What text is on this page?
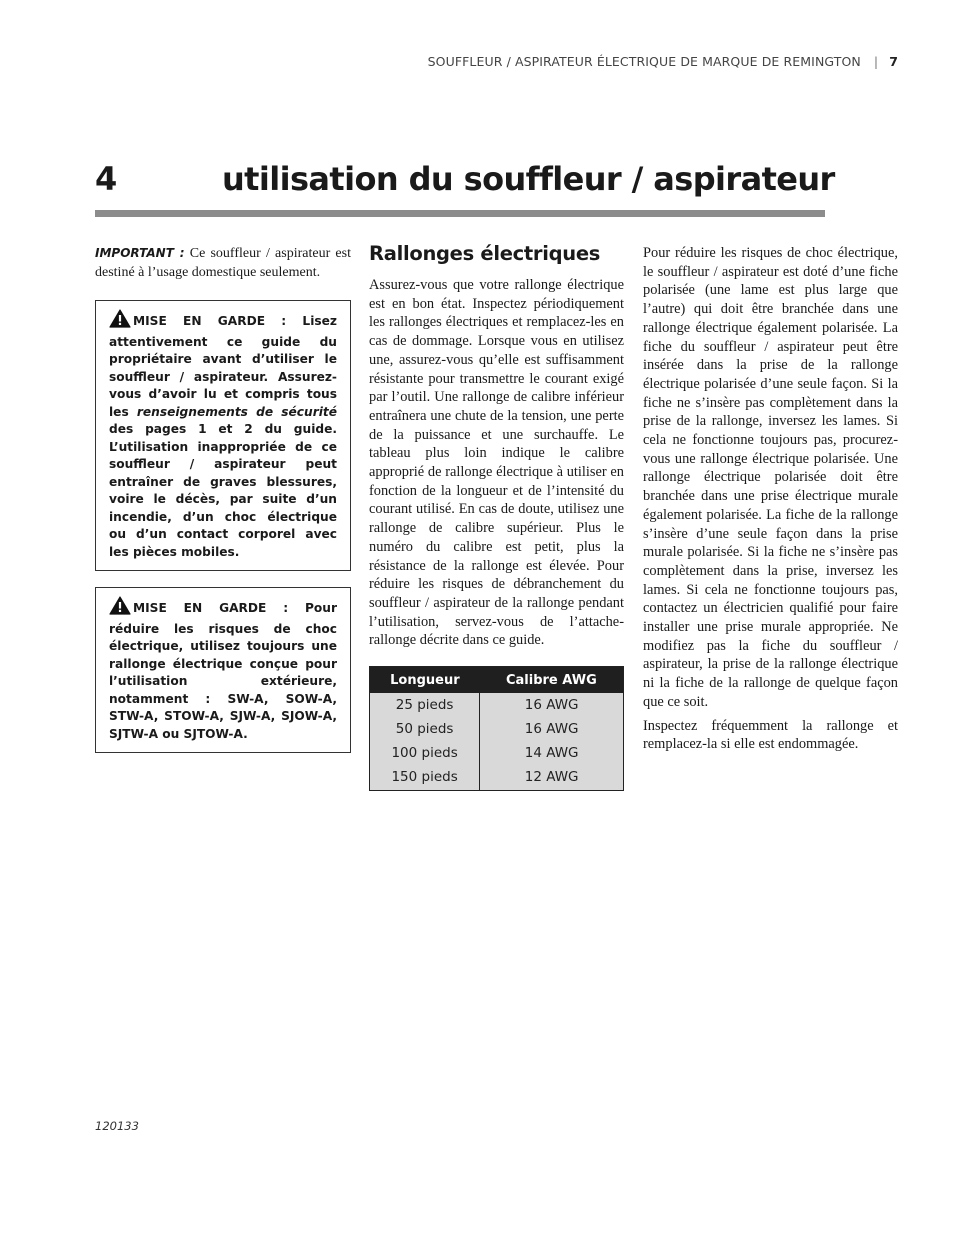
SOUFFLEUR / ASPIRATEUR ÉLECTRIQUE DE MARQUE DE REMINGTON | 7
4	utilisation du souffleur / aspirateur

IMPORTANT : Ce souffleur / aspirateur est destiné à l’usage domestique seulement.

MISE EN GARDE : Lisez attentivement ce guide du propriétaire avant d’utiliser le souffleur / aspirateur. Assurez-vous d’avoir lu et compris tous les renseignements de sécurité des pages 1 et 2 du guide. L’utilisation inappropriée de ce souffleur / aspirateur peut entraîner de graves blessures, voire le décès, par suite d’un incendie, d’un choc électrique ou d’un contact corporel avec les pièces mobiles.
MISE EN GARDE : Pour réduire les risques de choc électrique, utilisez toujours une rallonge électrique conçue pour l’utilisation extérieure, notamment : SW-A, SOW-A, STW-A, STOW-A, SJW-A, SJOW-A, SJTW-A ou SJTOW-A.
Rallonges électriques

Assurez-vous que votre rallonge électrique est en bon état. Inspectez périodiquement les rallonges électriques et remplacez-les en cas de dommage. Lorsque vous en utilisez une, assurez-vous qu’elle est suffisamment résistante pour transmettre le courant exigé par l’outil. Une rallonge de calibre inférieur entraînera une chute de la tension, une perte de la puissance et une surchauffe. Le tableau plus loin indique le calibre approprié de rallonge électrique à utiliser en fonction de la longueur et de l’intensité du courant utilisé. En cas de doute, utilisez une rallonge de calibre supérieur. Plus le numéro du calibre est petit, plus la résistance de la rallonge est élevée. Pour réduire les risques de débranchement du souffleur / aspirateur de la rallonge pendant l’utilisation, servez-vous de l’attache-rallonge décrite dans ce guide.

Longueur	Calibre AWG
25 pieds	16 AWG
50 pieds	16 AWG
100 pieds	14 AWG
150 pieds	12 AWG

Pour réduire les risques de choc électrique, le souffleur / aspirateur est doté d’une fiche polarisée (une lame est plus large que l’autre) qui doit être branchée dans une rallonge électrique également polarisée. La fiche du souffleur / aspirateur peut être insérée dans la prise de la rallonge électrique polarisée d’une seule façon. Si la fiche ne s’insère pas complètement dans la prise de la rallonge, inversez les lames. Si cela ne fonctionne toujours pas, procurez-vous une rallonge électrique polarisée. Une rallonge électrique polarisée doit être branchée dans une prise électrique murale également polarisée. La fiche de la rallonge s’insère d’une seule façon dans la prise murale polarisée. Si la fiche ne s’insère pas complètement dans la prise, inversez les lames. Si cela ne fonctionne toujours pas, contactez un électricien qualifié pour faire installer une prise murale appropriée. Ne modifiez pas la fiche du souffleur / aspirateur, la prise de la rallonge électrique ni la fiche de la rallonge de quelque façon que ce soit.

Inspectez fréquemment la rallonge et remplacez-la si elle est endommagée.

120133
